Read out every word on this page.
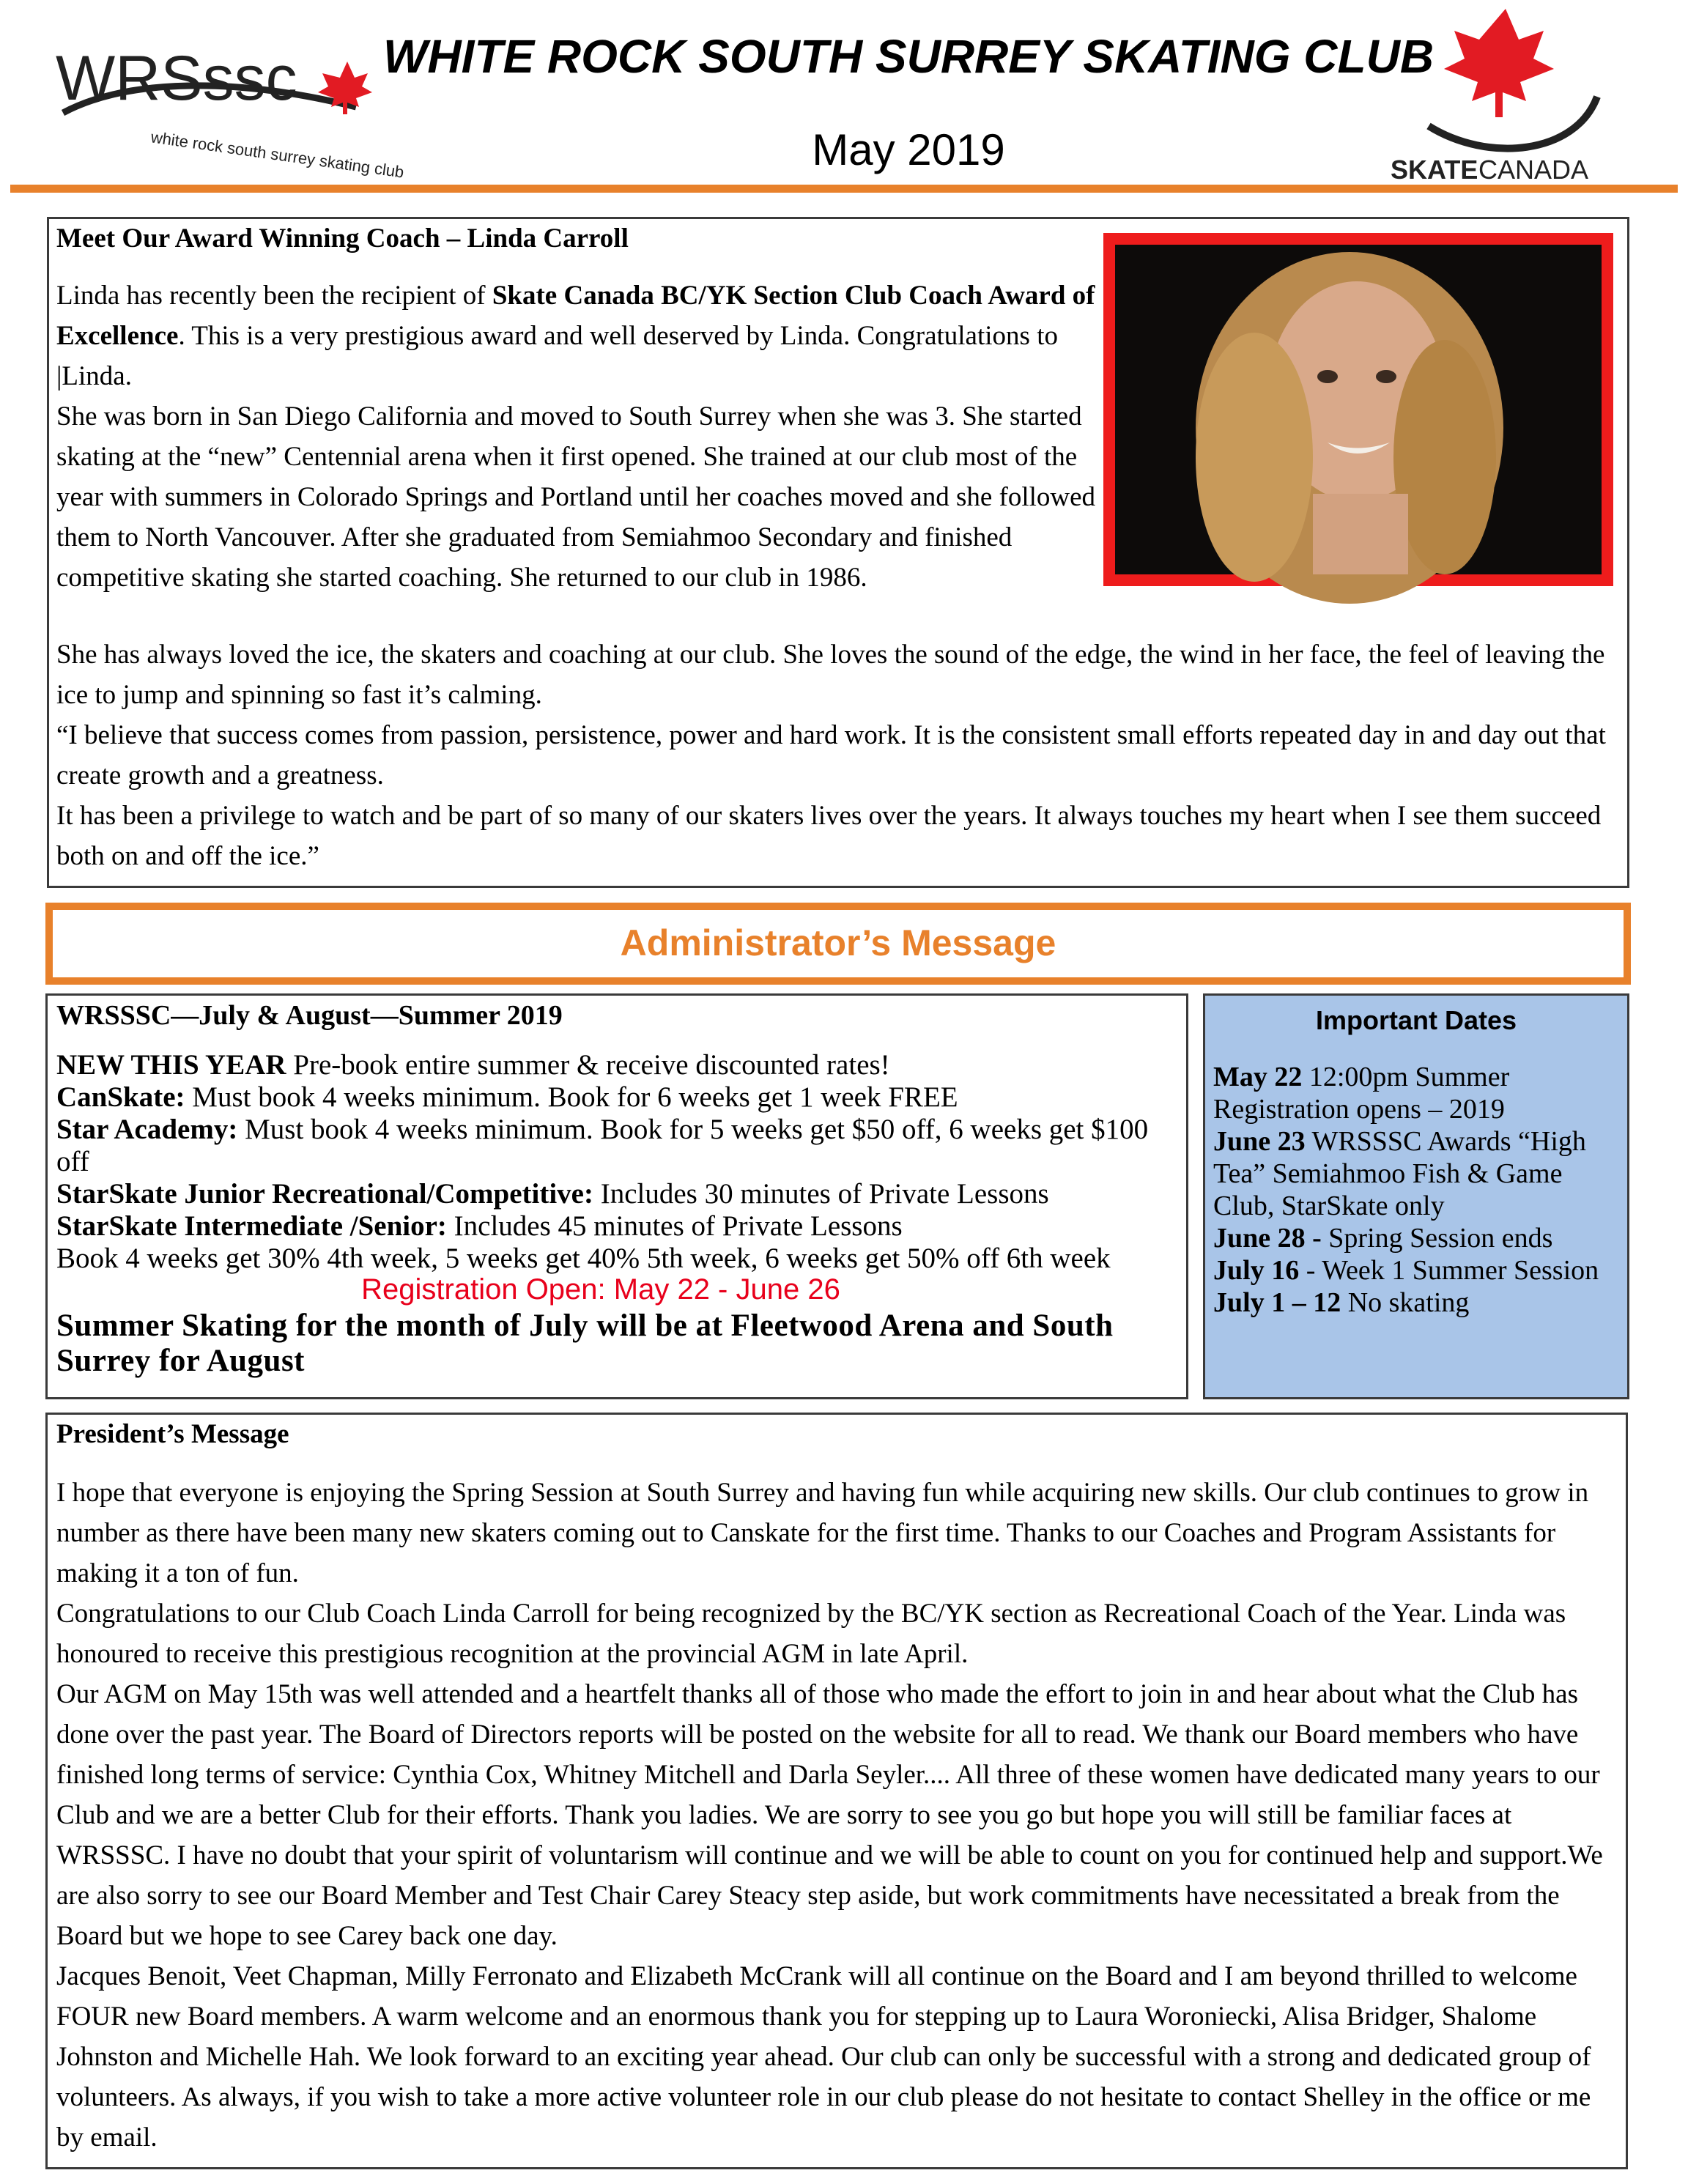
WRSssc
white rock south surrey skating club
WHITE ROCK SOUTH SURREY SKATING CLUB
May 2019	SKATE CANADA
Meet Our Award Winning Coach – Linda Carroll

Linda has recently been the recipient of Skate Canada BC/YK Section Club Coach Award of Excellence. This is a very prestigious award and well deserved by Linda. Congratulations to |Linda.

She was born in San Diego California and moved to South Surrey when she was 3. She started skating at the “new” Centennial arena when it first opened. She trained at our club most of the year with summers in Colorado Springs and Portland until her coaches moved and she followed them to North Vancouver. After she graduated from Semiahmoo Secondary and finished competitive skating she started coaching. She returned to our club in 1986.

She has always loved the ice, the skaters and coaching at our club. She loves the sound of the edge, the wind in her face, the feel of leaving the ice to jump and spinning so fast it’s calming.

“I believe that success comes from passion, persistence, power and hard work. It is the consistent small efforts repeated day in and day out that create growth and a greatness.

It has been a privilege to watch and be part of so many of our skaters lives over the years. It always touches my heart when I see them succeed both on and off the ice.”

Administrator’s Message
WRSSSC—July & August—Summer 2019

NEW THIS YEAR Pre-book entire summer & receive discounted rates!

CanSkate: Must book 4 weeks minimum. Book for 6 weeks get 1 week FREE

Star Academy: Must book 4 weeks minimum. Book for 5 weeks get $50 off, 6 weeks get $100 off

StarSkate Junior Recreational/Competitive: Includes 30 minutes of Private Lessons

StarSkate Intermediate /Senior: Includes 45 minutes of Private Lessons

Book 4 weeks get 30% 4th week, 5 weeks get 40% 5th week, 6 weeks get 50% off 6th week

Registration Open: May 22 - June 26
Summer Skating for the month of July will be at Fleetwood Arena and South Surrey for August
Important Dates

May 22 12:00pm Summer Registration opens – 2019

June 23 WRSSSC Awards “High Tea” Semiahmoo Fish & Game Club, StarSkate only

June 28 - Spring Session ends

July 16 - Week 1 Summer Session

July 1 – 12 No skating

President’s Message

I hope that everyone is enjoying the Spring Session at South Surrey and having fun while acquiring new skills. Our club continues to grow in number as there have been many new skaters coming out to Canskate for the first time. Thanks to our Coaches and Program Assistants for making it a ton of fun.

Congratulations to our Club Coach Linda Carroll for being recognized by the BC/YK section as Recreational Coach of the Year. Linda was honoured to receive this prestigious recognition at the provincial AGM in late April.

Our AGM on May 15th was well attended and a heartfelt thanks all of those who made the effort to join in and hear about what the Club has done over the past year. The Board of Directors reports will be posted on the website for all to read. We thank our Board members who have finished long terms of service: Cynthia Cox, Whitney Mitchell and Darla Seyler.... All three of these women have dedicated many years to our Club and we are a better Club for their efforts. Thank you ladies. We are sorry to see you go but hope you will still be familiar faces at WRSSSC. I have no doubt that your spirit of voluntarism will continue and we will be able to count on you for continued help and support.We are also sorry to see our Board Member and Test Chair Carey Steacy step aside, but work commitments have necessitated a break from the Board but we hope to see Carey back one day.

Jacques Benoit, Veet Chapman, Milly Ferronato and Elizabeth McCrank will all continue on the Board and I am beyond thrilled to welcome FOUR new Board members. A warm welcome and an enormous thank you for stepping up to Laura Woroniecki, Alisa Bridger, Shalome Johnston and Michelle Hah. We look forward to an exciting year ahead. Our club can only be successful with a strong and dedicated group of volunteers. As always, if you wish to take a more active volunteer role in our club please do not hesitate to contact Shelley in the office or me by email.
